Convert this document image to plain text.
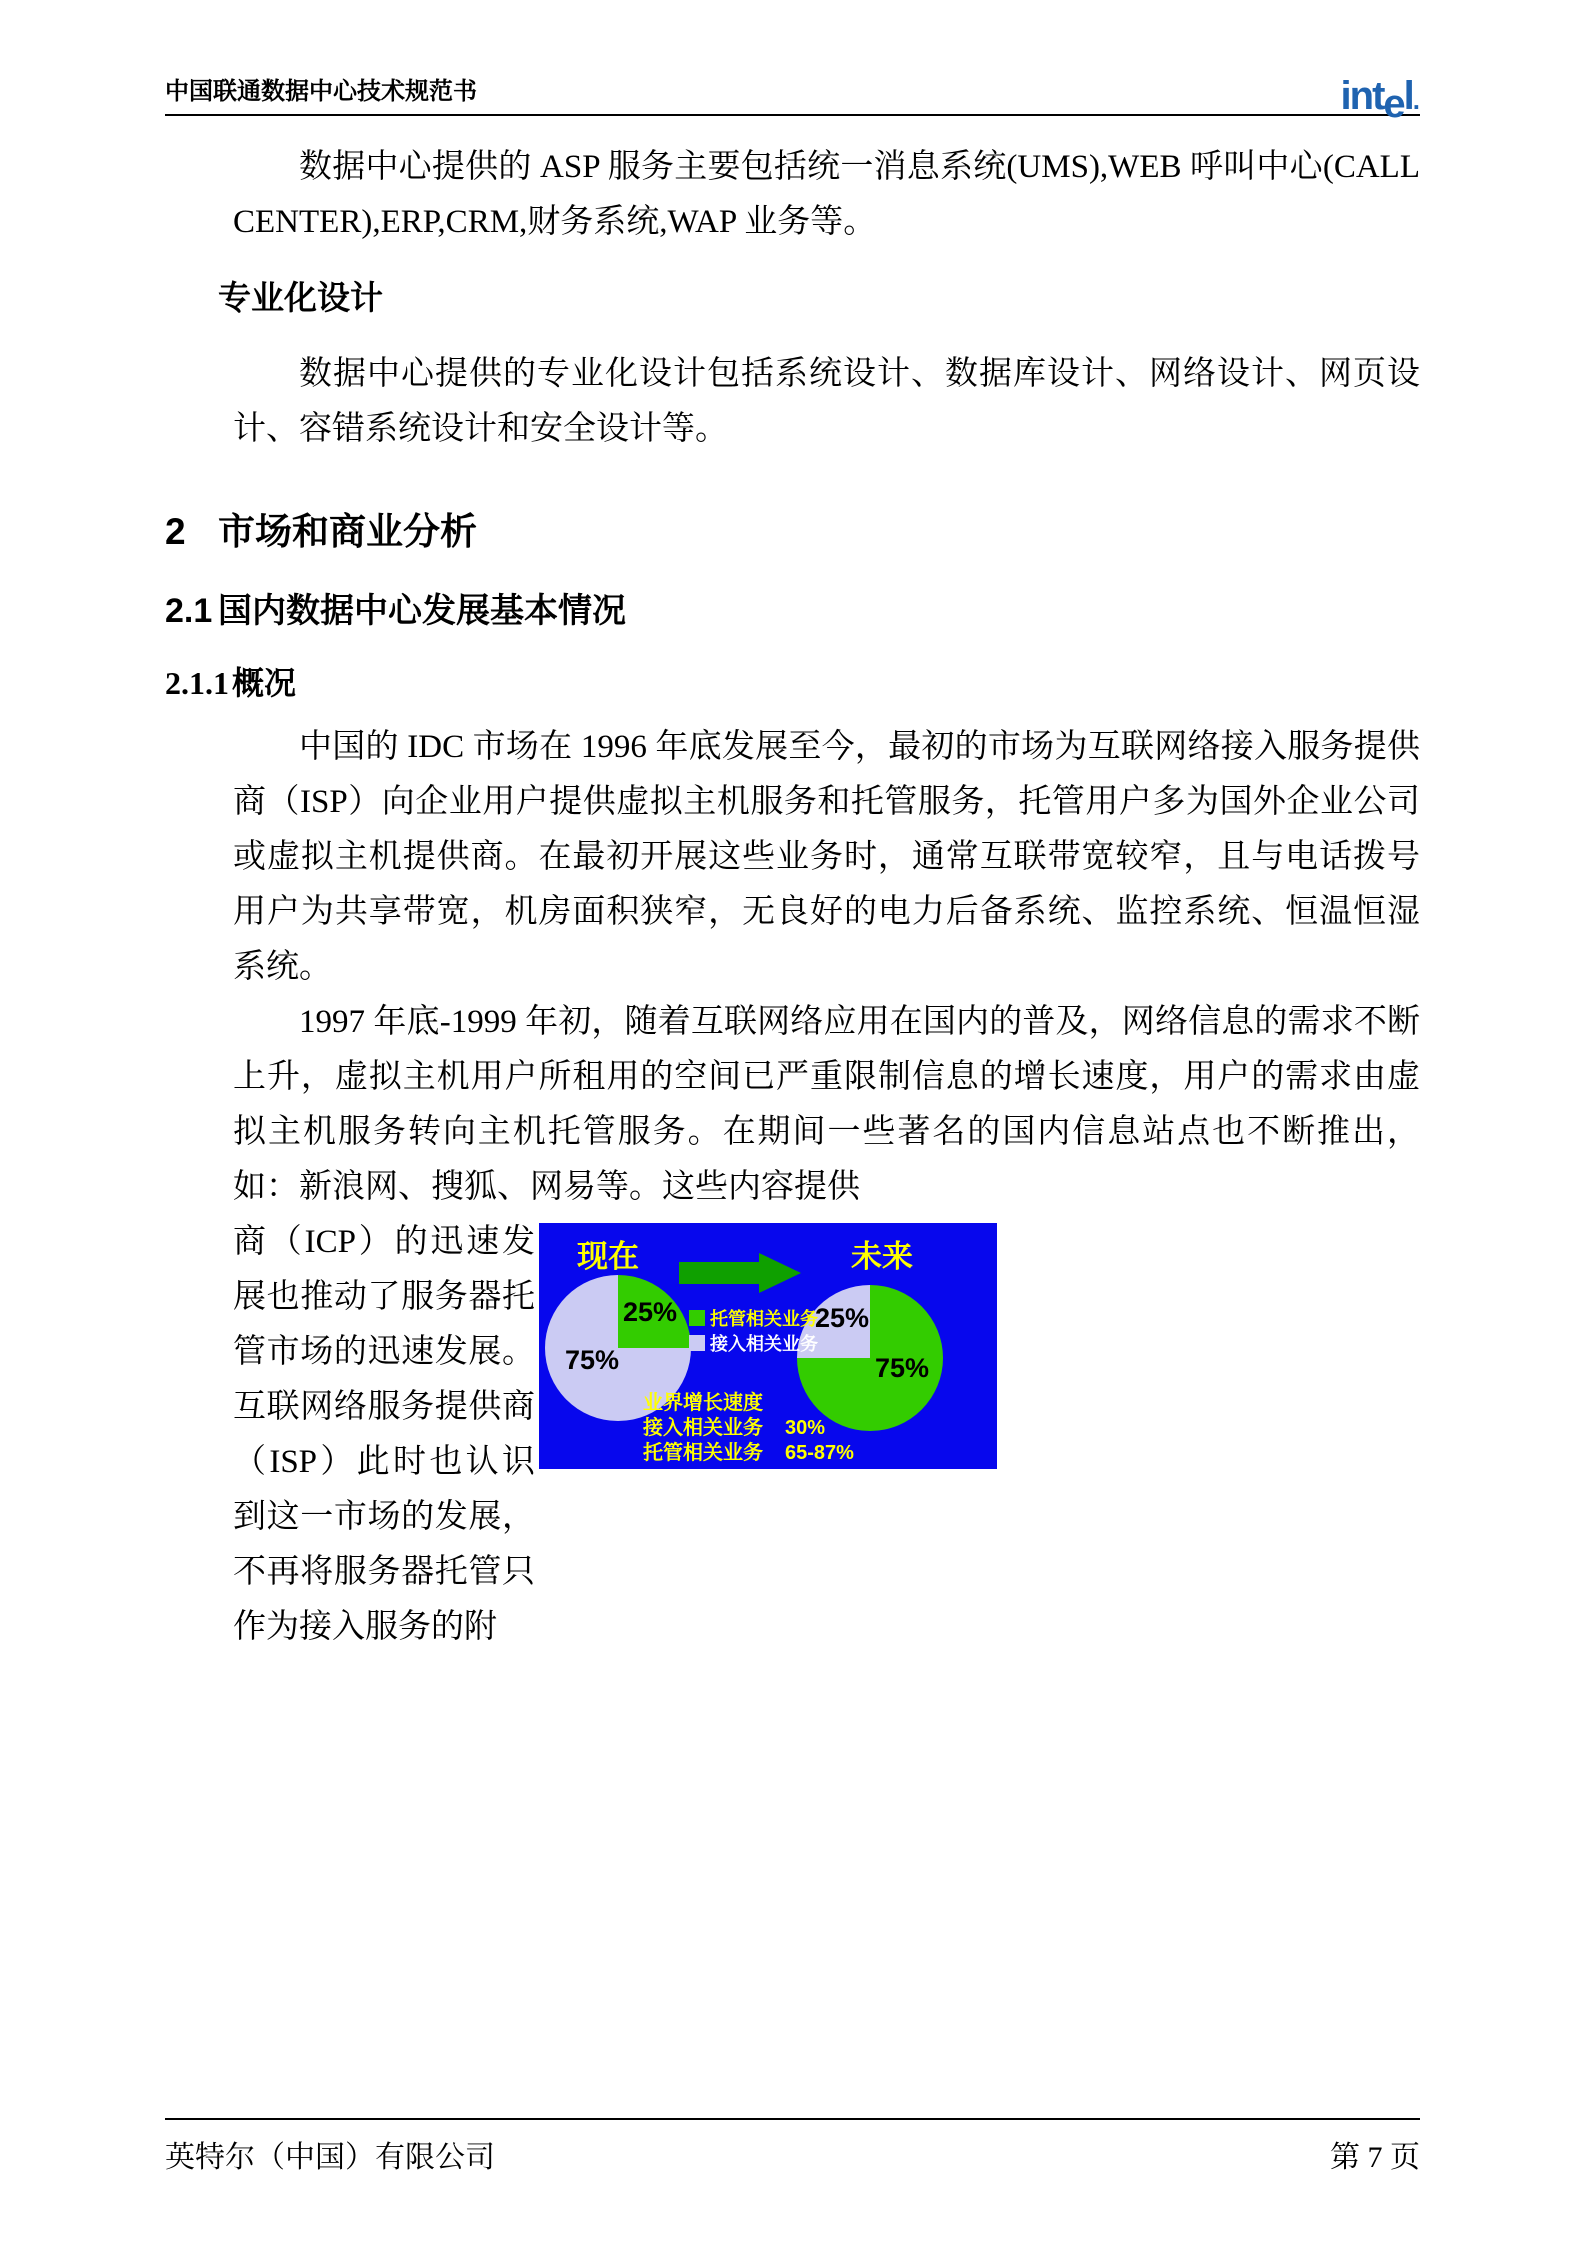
中国联通数据中心技术规范书	intel.

数据中心提供的 ASP 服务主要包括统一消息系统(UMS),WEB 呼叫中心(CALL CENTER),ERP,CRM,财务系统,WAP 业务等。

专业化设计

数据中心提供的专业化设计包括系统设计、数据库设计、网络设计、网页设计、容错系统设计和安全设计等。

2 市场和商业分析
2.1 国内数据中心发展基本情况
2.1.1 概况

中国的 IDC 市场在 1996 年底发展至今，最初的市场为互联网络接入服务提供商（ISP）向企业用户提供虚拟主机服务和托管服务，托管用户多为国外企业公司或虚拟主机提供商。在最初开展这些业务时，通常互联带宽较窄，且与电话拨号用户为共享带宽，机房面积狭窄，无良好的电力后备系统、监控系统、恒温恒湿系统。

1997 年底-1999 年初，随着互联网络应用在国内的普及，网络信息的需求不断上升，虚拟主机用户所租用的空间已严重限制信息的增长速度，用户的需求由虚拟主机服务转向主机托管服务。在期间一些著名的国内信息站点也不断推出，如：新浪网、搜狐、网易等。这些内容提供

商（ICP）的迅速发展也推动了服务器托管市场的迅速发展。互联网络服务提供商（ISP）此时也认识到这一市场的发展，不再将服务器托管只作为接入服务的附
现在	未来
25%
75%
25%
75%
托管相关业务
接入相关业务
业界增长速度
接入相关业务 30%
托管相关业务 65-87%
英特尔（中国）有限公司	第 7 页
